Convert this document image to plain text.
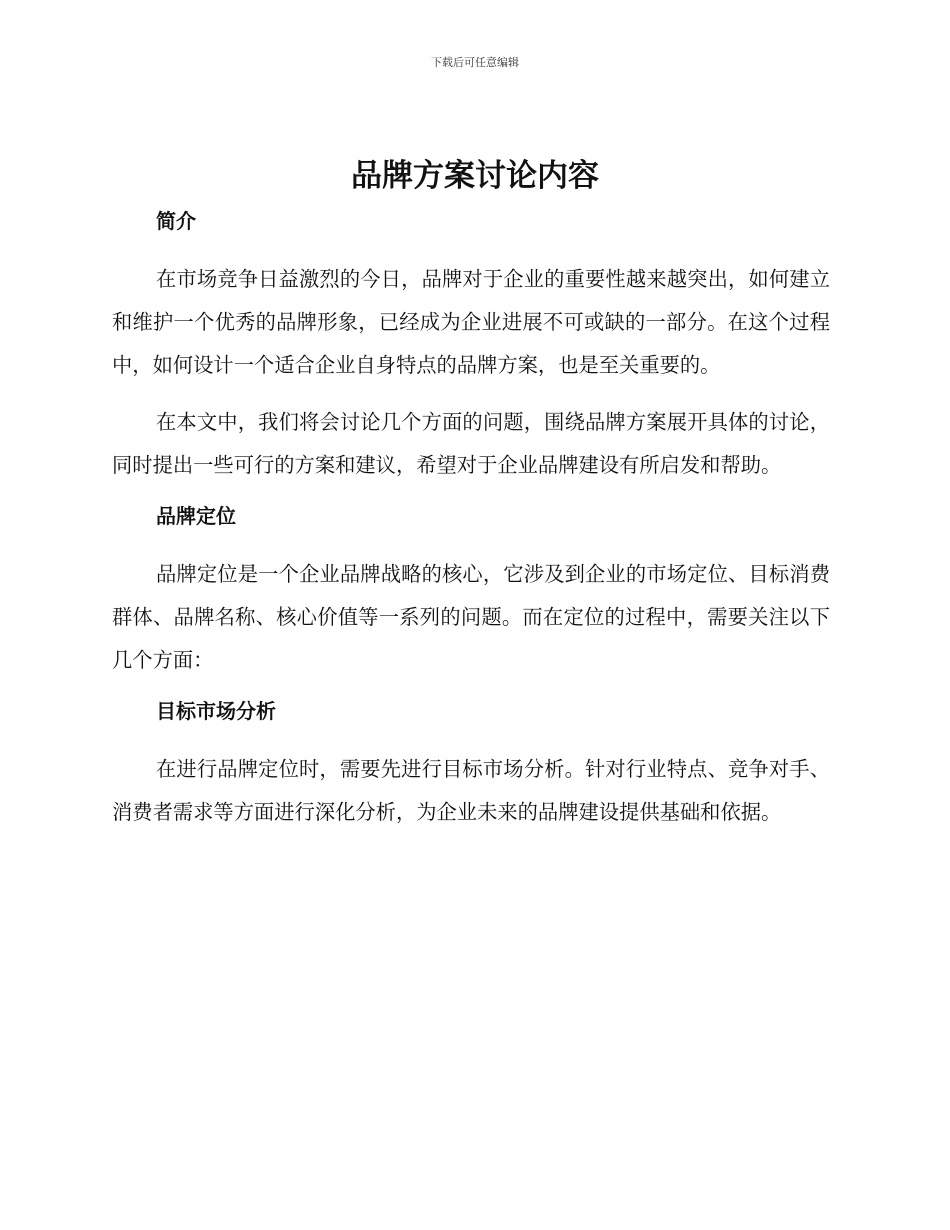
下载后可任意编辑
品牌方案讨论内容
简介
在市场竞争日益激烈的今日，品牌对于企业的重要性越来越突出，如何建立和维护一个优秀的品牌形象，已经成为企业进展不可或缺的一部分。在这个过程中，如何设计一个适合企业自身特点的品牌方案，也是至关重要的。
在本文中，我们将会讨论几个方面的问题，围绕品牌方案展开具体的讨论，同时提出一些可行的方案和建议，希望对于企业品牌建设有所启发和帮助。
品牌定位
品牌定位是一个企业品牌战略的核心，它涉及到企业的市场定位、目标消费群体、品牌名称、核心价值等一系列的问题。而在定位的过程中，需要关注以下几个方面：
目标市场分析
在进行品牌定位时，需要先进行目标市场分析。针对行业特点、竞争对手、消费者需求等方面进行深化分析，为企业未来的品牌建设提供基础和依据。
